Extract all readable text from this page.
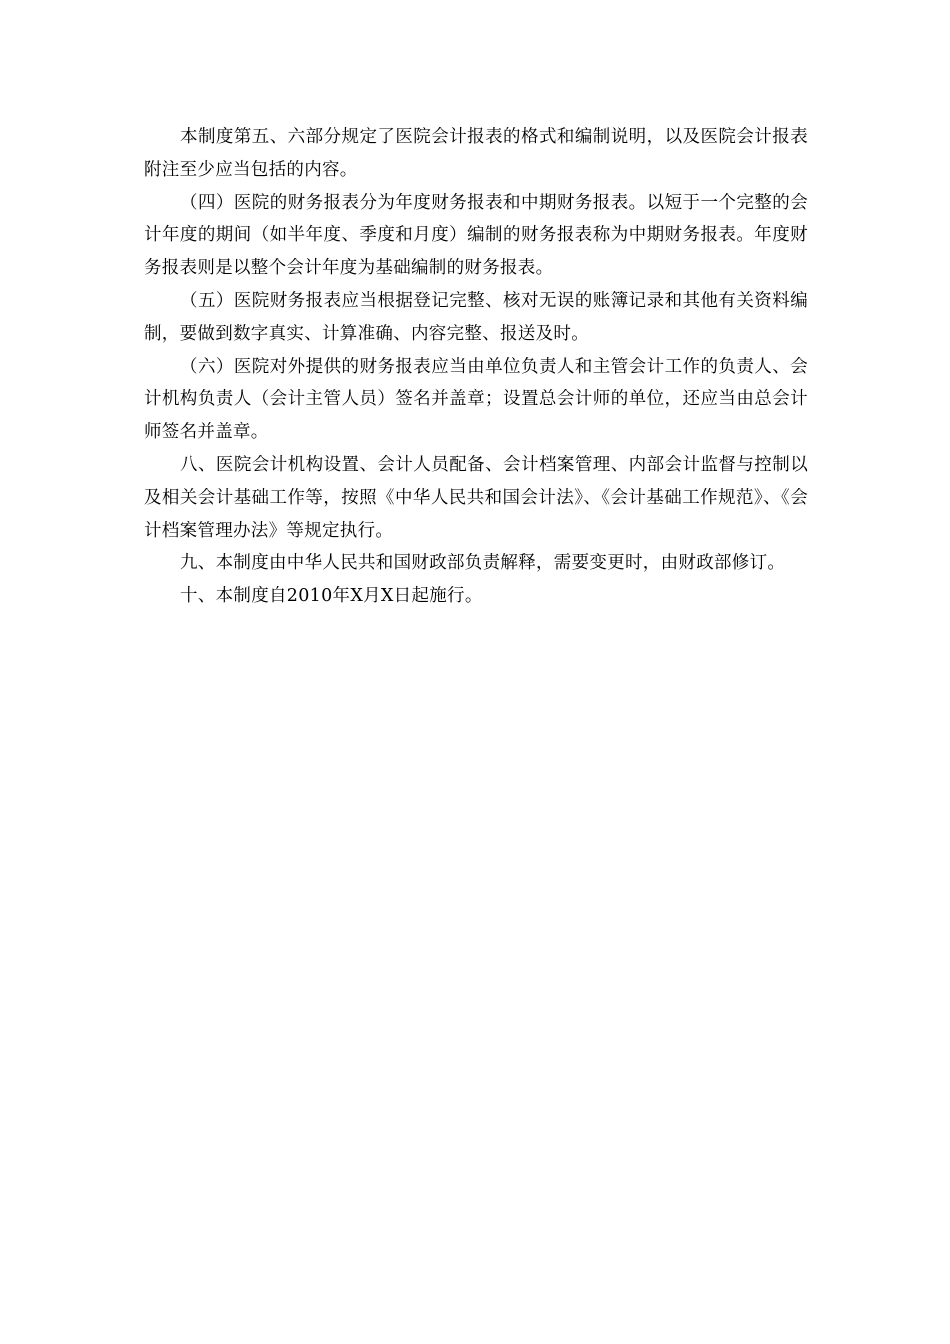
本制度第五、六部分规定了医院会计报表的格式和编制说明，以及医院会计报表附注至少应当包括的内容。

（四）医院的财务报表分为年度财务报表和中期财务报表。以短于一个完整的会计年度的期间（如半年度、季度和月度）编制的财务报表称为中期财务报表。年度财务报表则是以整个会计年度为基础编制的财务报表。

（五）医院财务报表应当根据登记完整、核对无误的账簿记录和其他有关资料编制，要做到数字真实、计算准确、内容完整、报送及时。

（六）医院对外提供的财务报表应当由单位负责人和主管会计工作的负责人、会计机构负责人（会计主管人员）签名并盖章；设置总会计师的单位，还应当由总会计师签名并盖章。

八、医院会计机构设置、会计人员配备、会计档案管理、内部会计监督与控制以及相关会计基础工作等，按照《中华人民共和国会计法》、《会计基础工作规范》、《会计档案管理办法》等规定执行。

九、本制度由中华人民共和国财政部负责解释，需要变更时，由财政部修订。

十、本制度自2010年X月X日起施行。
